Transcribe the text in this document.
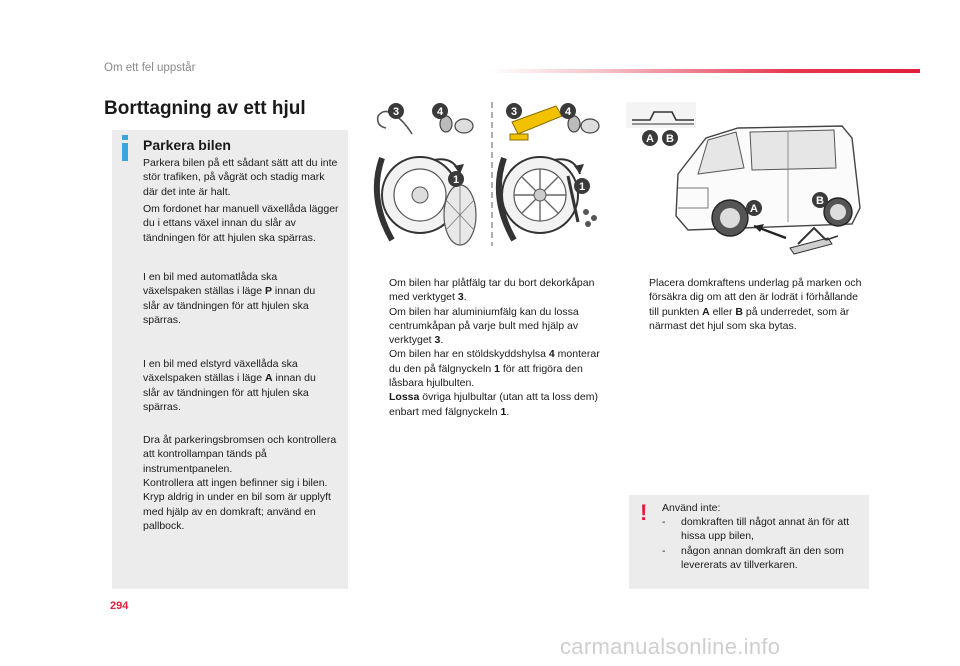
Om ett fel uppstår
Borttagning av ett hjul
Parkera bilen
Parkera bilen på ett sådant sätt att du inte stör trafiken, på vågrät och stadig mark där det inte är halt.
Om fordonet har manuell växellåda lägger du i ettans växel innan du slår av tändningen för att hjulen ska spärras.
I en bil med automatlåda ska växelspaken ställas i läge P innan du slår av tändningen för att hjulen ska spärras.
I en bil med elstyrd växellåda ska växelspaken ställas i läge A innan du slår av tändningen för att hjulen ska spärras.
Dra åt parkeringsbromsen och kontrollera att kontrollampan tänds på instrumentpanelen.
Kontrollera att ingen befinner sig i bilen. Kryp aldrig in under en bil som är upplyft med hjälp av en domkraft; använd en pallbock.
3	4
1
3	4
1
A B
A
B
Om bilen har plåtfälg tar du bort dekorkåpan med verktyget 3.
Om bilen har aluminiumfälg kan du lossa centrumkåpan på varje bult med hjälp av verktyget 3.
Om bilen har en stöldskyddshylsa 4 monterar du den på fälgnyckeln 1 för att frigöra den låsbara hjulbulten.
Lossa övriga hjulbultar (utan att ta loss dem) enbart med fälgnyckeln 1.
Placera domkraftens underlag på marken och försäkra dig om att den är lodrät i förhållande till punkten A eller B på underredet, som är närmast det hjul som ska bytas.
! Använd inte:
-	domkraften till något annat än för att hissa upp bilen,
-	någon annan domkraft än den som levererats av tillverkaren.
294
carmanualsonline.info
